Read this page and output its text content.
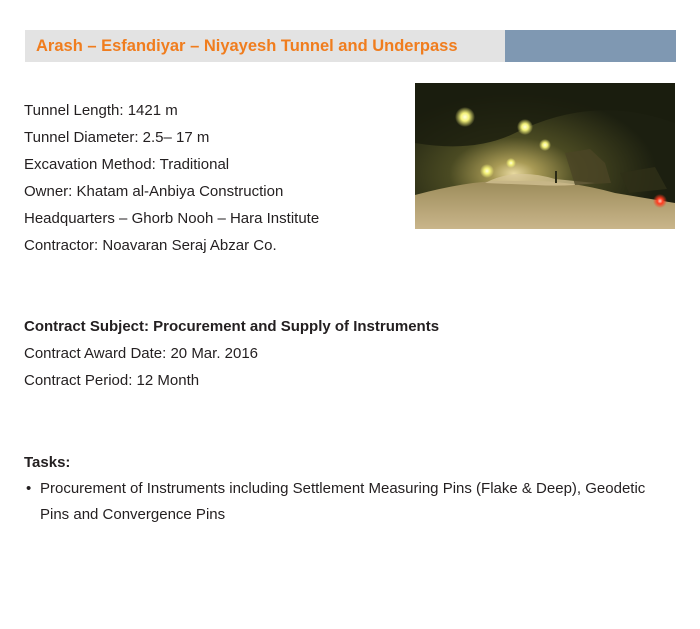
Arash – Esfandiyar – Niyayesh Tunnel and Underpass
Tunnel Length: 1421 m
Tunnel Diameter: 2.5– 17 m
Excavation Method: Traditional
Owner: Khatam al-Anbiya Construction
Headquarters – Ghorb Nooh – Hara Institute
Contractor: Noavaran Seraj Abzar Co.
Contract Subject: Procurement and Supply of Instruments
Contract Award Date: 20 Mar. 2016
Contract Period: 12 Month
Tasks:
• Procurement of Instruments including Settlement Measuring Pins (Flake & Deep), Geodetic Pins and Convergence Pins
